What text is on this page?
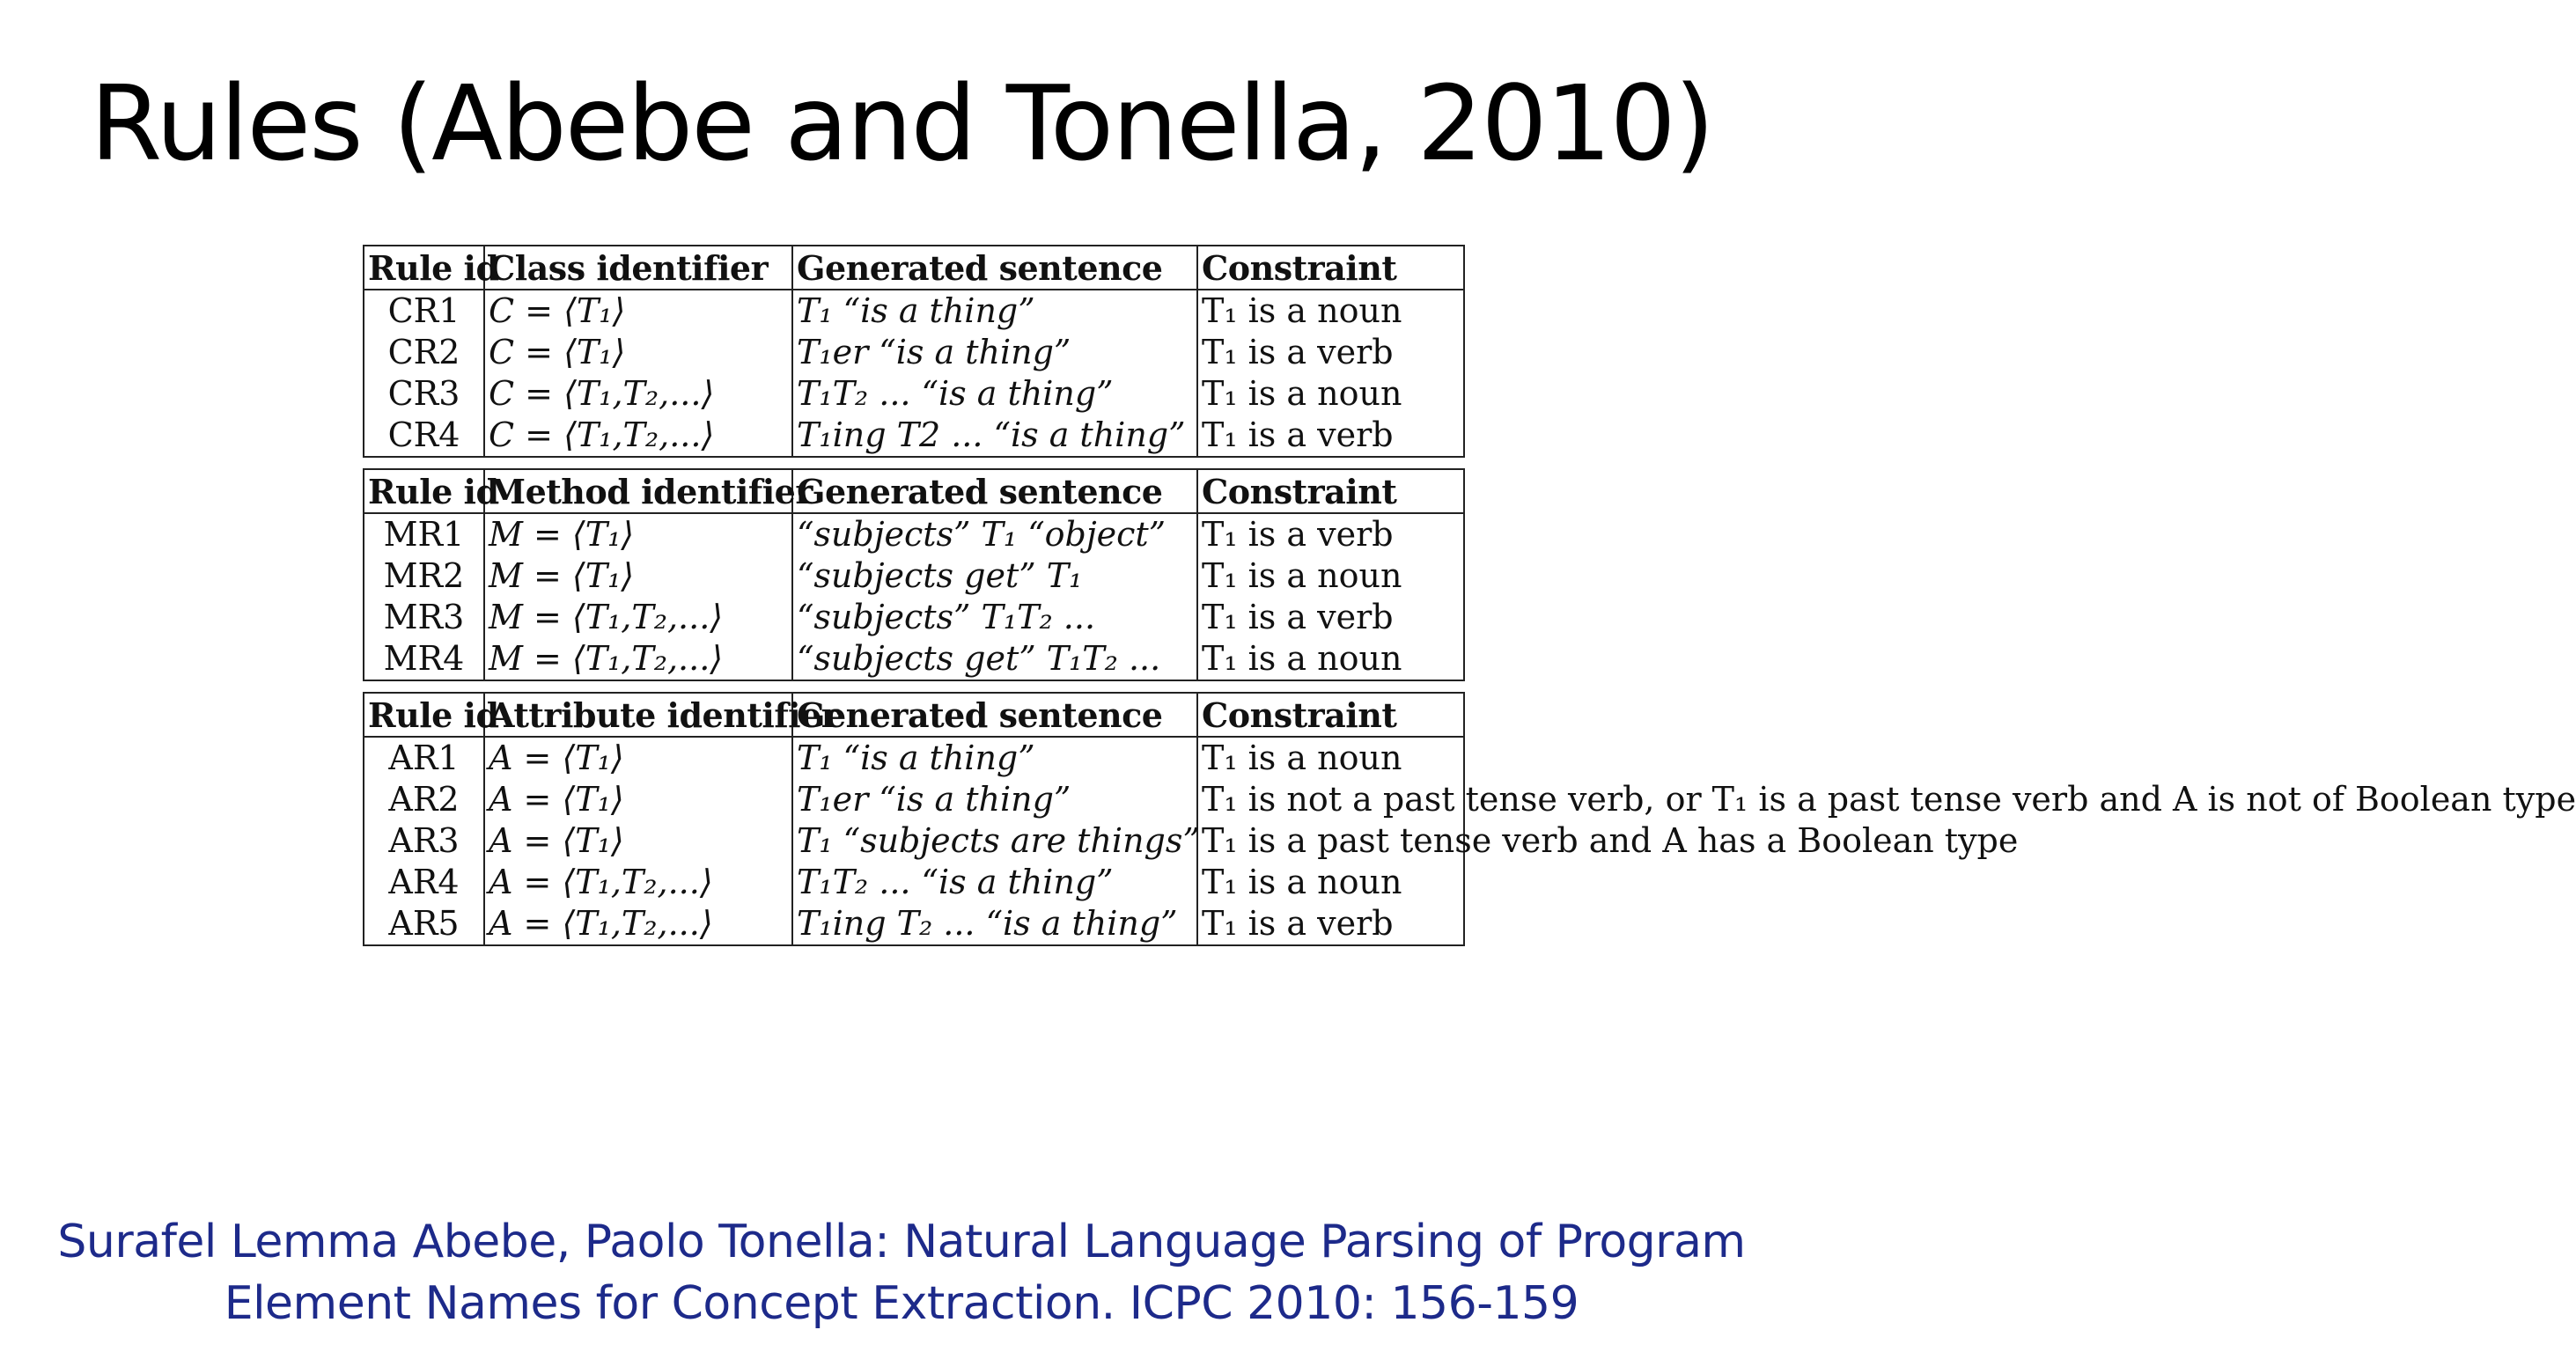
Rules (Abebe and Tonella, 2010)
Rule id	Class identifier	Generated sentence	Constraint
CR1	C = ⟨T₁⟩	T₁ “is a thing”	T₁ is a noun
CR2	C = ⟨T₁⟩	T₁er “is a thing”	T₁ is a verb
CR3	C = ⟨T₁,T₂,...⟩	T₁T₂ ... “is a thing”	T₁ is a noun
CR4	C = ⟨T₁,T₂,...⟩	T₁ing T2 ... “is a thing”	T₁ is a verb
Rule id	Method identifier	Generated sentence	Constraint
MR1	M = ⟨T₁⟩	“subjects” T₁ “object”	T₁ is a verb
MR2	M = ⟨T₁⟩	“subjects get” T₁	T₁ is a noun
MR3	M = ⟨T₁,T₂,...⟩	“subjects” T₁T₂ ...	T₁ is a verb
MR4	M = ⟨T₁,T₂,...⟩	“subjects get” T₁T₂ ...	T₁ is a noun
Rule id	Attribute identifier	Generated sentence	Constraint
AR1	A = ⟨T₁⟩	T₁ “is a thing”	T₁ is a noun
AR2	A = ⟨T₁⟩	T₁er “is a thing”	T₁ is not a past tense verb, or T₁ is a past tense verb and A is not of Boolean type
AR3	A = ⟨T₁⟩	T₁ “subjects are things”	T₁ is a past tense verb and A has a Boolean type
AR4	A = ⟨T₁,T₂,...⟩	T₁T₂ ... “is a thing”	T₁ is a noun
AR5	A = ⟨T₁,T₂,...⟩	T₁ing T₂ ... “is a thing”	T₁ is a verb
Surafel Lemma Abebe, Paolo Tonella: Natural Language Parsing of Program
Element Names for Concept Extraction. ICPC 2010: 156-159
